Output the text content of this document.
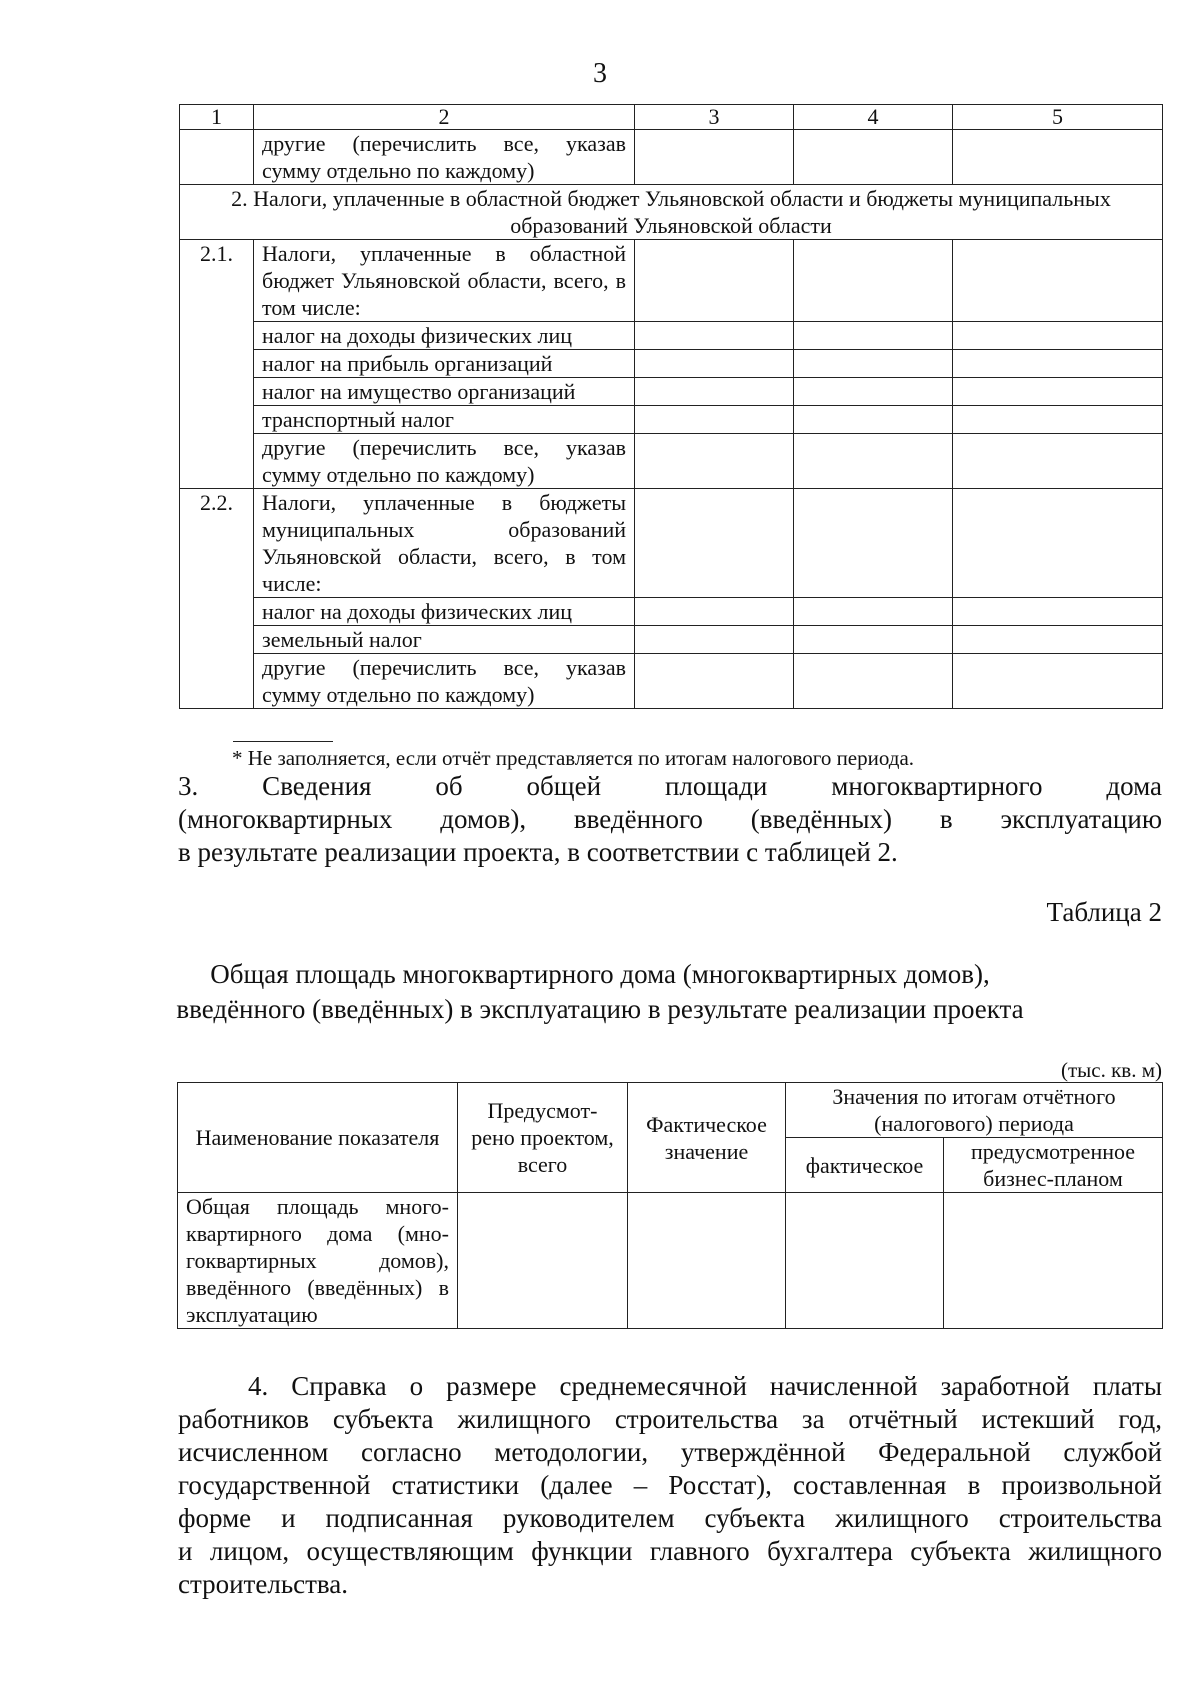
3
1	2	3	4	5
	другие (перечислить все, указав сумму отдельно по каждому)			
2. Налоги, уплаченные в областной бюджет Ульяновской области и бюджеты муниципальных образований Ульяновской области				
2.1.	Налоги, уплаченные в областной бюджет Ульяновской области, всего, в том числе:			
	налог на доходы физических лиц			
	налог на прибыль организаций			
	налог на имущество организаций			
	транспортный налог			
	другие (перечислить все, указав сумму отдельно по каждому)			
2.2.	Налоги, уплаченные в бюджеты муниципальных образований Ульяновской области, всего, в том числе:			
	налог на доходы физических лиц			
	земельный налог			
	другие (перечислить все, указав сумму отдельно по каждому)			
* Не заполняется, если отчёт представляется по итогам налогового периода.
3. Сведения об общей площади многоквартирного дома
(многоквартирных домов), введённого (введённых) в эксплуатацию
в результате реализации проекта, в соответствии с таблицей 2.
Таблица 2
Общая площадь многоквартирного дома (многоквартирных домов),
введённого (введённых) в эксплуатацию в результате реализации проекта
(тыс. кв. м)
Наименование показателя	Предусмот-рено проектом, всего	Фактическое значение	Значения по итогам отчётного (налогового) периода	
			фактическое	предусмотренное бизнес-планом
Общая площадь много-квартирного дома (мно-гоквартирных домов), введённого (введённых) в эксплуатацию				
4. Справка о размере среднемесячной начисленной заработной платы
работников субъекта жилищного строительства за отчётный истекший год,
исчисленном согласно методологии, утверждённой Федеральной службой
государственной статистики (далее – Росстат), составленная в произвольной
форме и подписанная руководителем субъекта жилищного строительства
и лицом, осуществляющим функции главного бухгалтера субъекта жилищного
строительства.
